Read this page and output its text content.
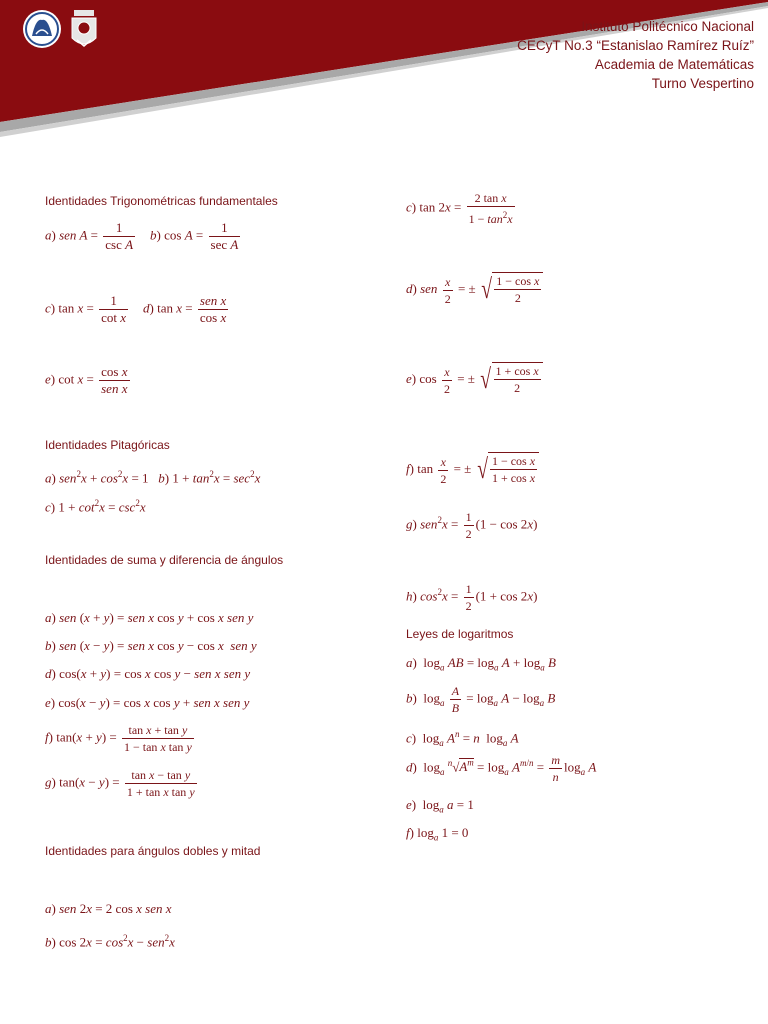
Instituto Politécnico Nacional
CECyT No.3 “Estanislao Ramírez Ruíz”
Academia de Matemáticas
Turno Vespertino
Identidades Trigonométricas fundamentales
a) sen $A = \frac{1}{\text{csc A}} b$) $\cos A = \frac{1}{\text{sec A}}$
c) $\tan x = \frac{1}{\text{cot x}} d$) $\tan x = \frac{\text{sen x}}{\text{cos x}}$
e) $\cot x = \frac{\text{cos x}}{\text{sen x}}$
Identidades Pitagóricas
a) $sen^2x + \cos^2x = 1$   b) $1 + \tan^2x = \sec^2x$
c) $1 + \cot^2x = \csc^2x$
Identidades de suma y diferencia de ángulos
a) sen (x + y) = sen x cos y + cos x sen y
b) sen (x − y) = sen x cos y − cos x sen y
d) cos(x + y) = cos x cos y − sen x sen y
e) cos(x − y) = cos x cos y + sen x sen y
f) $\tan(x + y) = \frac{\text{tan x + tan y}}{\text{1 − tan x tan y}}$
g) $\tan(x - y) = \frac{\text{tan x − tan y}}{\text{1 + tan x tan y}}$
Identidades para ángulos dobles y mitad
a) sen 2x = 2 cos x sen x
b) $\cos 2x = \cos^2x - sen^2x$
c) $\tan 2x = \frac{\text{2 tan x}}{1 - \tan^2x}$
d) sen $\frac{x}{2}$ = ± √ $\frac{\text{1 − cos x}}{2}$
e) $\cos \frac{x}{2}$ = ± √ $\frac{\text{1 + cos x}}{2}$
f) $\tan \frac{x}{2}$ = ± √ $\frac{\text{1 − cos x}}{\text{1 + cos x}}$
g) $sen^2x = \frac{1}{2} (1 - \cos 2x)$
h) $\cos^2x = \frac{1}{2} (1 + \cos 2x)$
Leyes de logaritmos
a)  $\log_a$ AB = $\log_a A + \log_a B$
b)  $\log_a \frac{A}{B} = \log_a A - \log_a B$
c)  $\log_a A^n = n$  $\log_a A$
d)  $\log_a ^n√A^m = \log_a A^{m/n} = \frac{m}{n} \log_a A$
e)  $\log_a a = 1$
f) $\log_a 1 = 0$
